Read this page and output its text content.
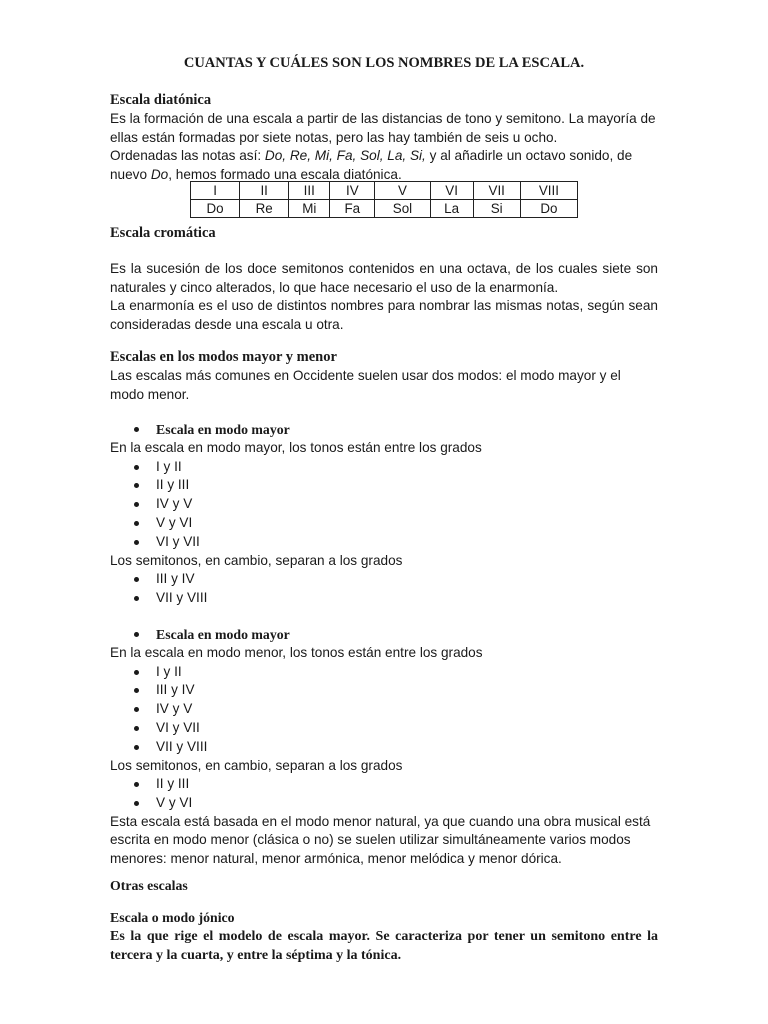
CUANTAS Y CUÁLES SON LOS NOMBRES DE LA ESCALA.
Escala diatónica
Es la formación de una escala a partir de las distancias de tono y semitono. La mayoría de ellas están formadas por siete notas, pero las hay también de seis u ocho.
Ordenadas las notas así: Do, Re, Mi, Fa, Sol, La, Si, y al añadirle un octavo sonido, de nuevo Do, hemos formado una escala diatónica.
I	II	III	IV	V	VI	VII	VIII
Do	Re	Mi	Fa	Sol	La	Si	Do
Escala cromática
Es la sucesión de los doce semitonos contenidos en una octava, de los cuales siete son naturales y cinco alterados, lo que hace necesario el uso de la enarmonía.
La enarmonía es el uso de distintos nombres para nombrar las mismas notas, según sean consideradas desde una escala u otra.
Escalas en los modos mayor y menor
Las escalas más comunes en Occidente suelen usar dos modos: el modo mayor y el modo menor.
Escala en modo mayor
En la escala en modo mayor, los tonos están entre los grados
I y II
II y III
IV y V
V y VI
VI y VII
Los semitonos, en cambio, separan a los grados
III y IV
VII y VIII
Escala en modo mayor
En la escala en modo menor, los tonos están entre los grados
I y II
III y IV
IV y V
VI y VII
VII y VIII
Los semitonos, en cambio, separan a los grados
II y III
V y VI
Esta escala está basada en el modo menor natural, ya que cuando una obra musical está escrita en modo menor (clásica o no) se suelen utilizar simultáneamente varios modos menores: menor natural, menor armónica, menor melódica y menor dórica.
Otras escalas
Escala o modo jónico
Es la que rige el modelo de escala mayor. Se caracteriza por tener un semitono entre la tercera y la cuarta, y entre la séptima y la tónica.
